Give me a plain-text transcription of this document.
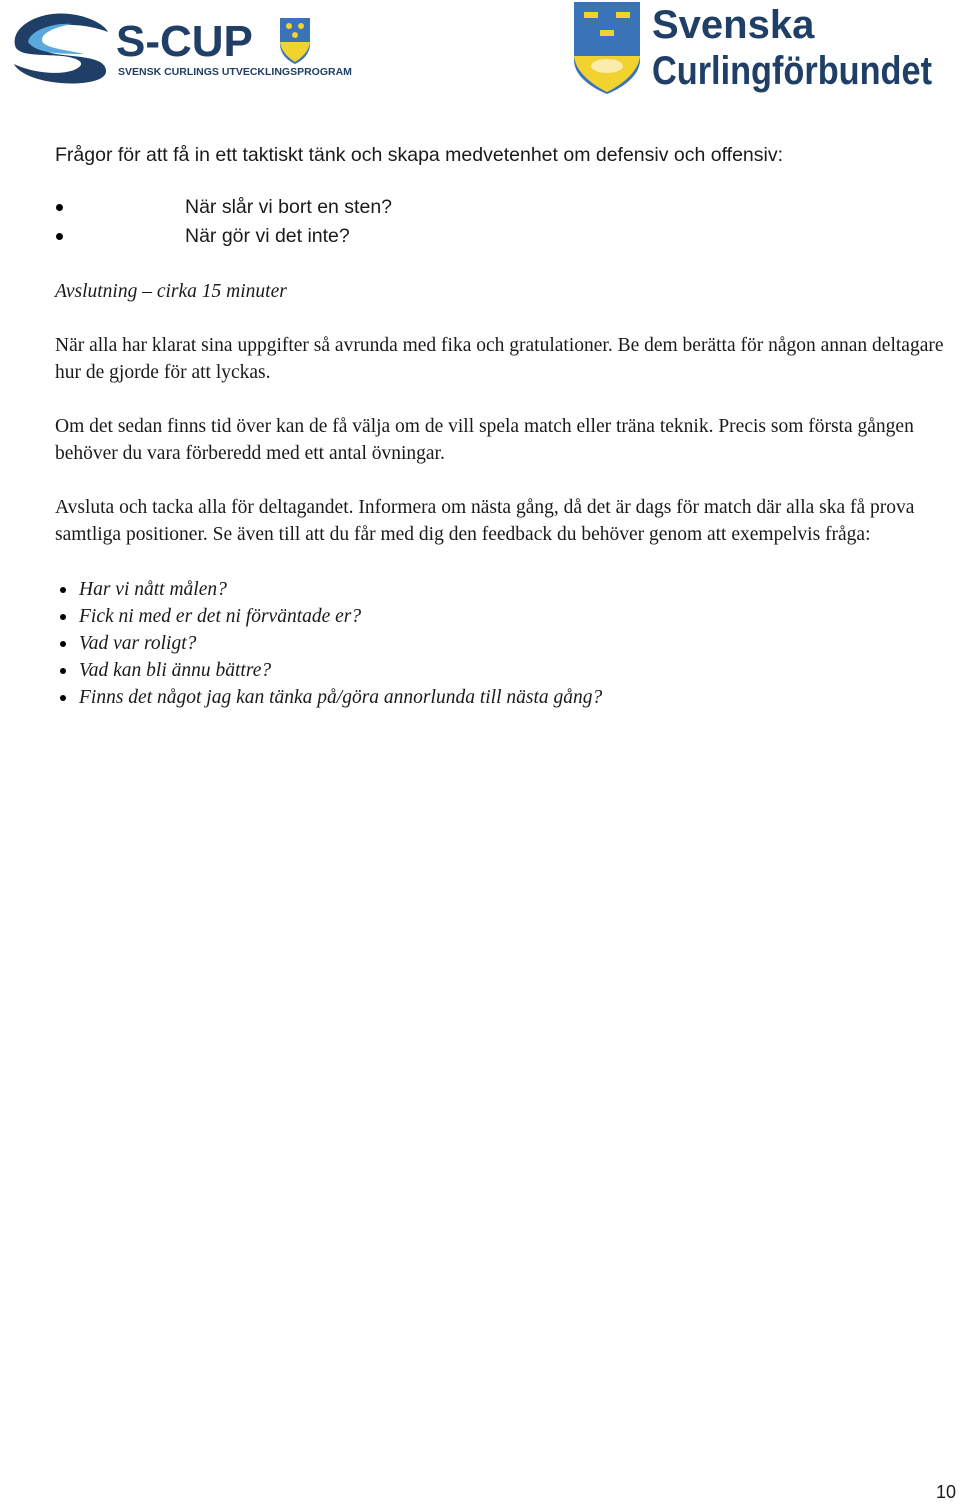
S-CUP
SVENSK CURLINGS UTVECKLINGSPROGRAM
Svenska
Curlingförbundet

Frågor för att få in ett taktiskt tänk och skapa medvetenhet om defensiv och offensiv:

När slår vi bort en sten?
När gör vi det inte?

Avslutning – cirka 15 minuter

När alla har klarat sina uppgifter så avrunda med fika och gratulationer. Be dem berätta för någon annan deltagare hur de gjorde för att lyckas.

Om det sedan finns tid över kan de få välja om de vill spela match eller träna teknik. Precis som första gången behöver du vara förberedd med ett antal övningar.

Avsluta och tacka alla för deltagandet. Informera om nästa gång, då det är dags för match där alla ska få prova samtliga positioner. Se även till att du får med dig den feedback du behöver genom att exempelvis fråga:

Har vi nått målen?
Fick ni med er det ni förväntade er?
Vad var roligt?
Vad kan bli ännu bättre?
Finns det något jag kan tänka på/göra annorlunda till nästa gång?
10
